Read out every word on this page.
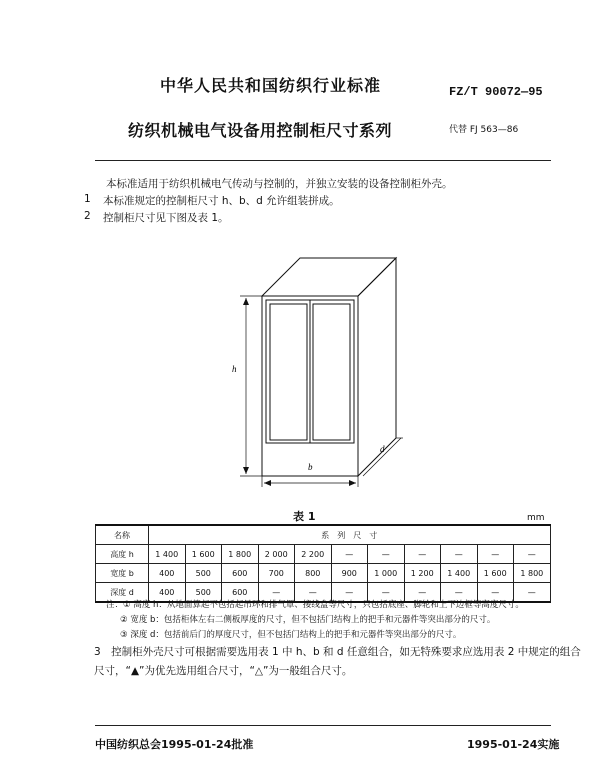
中华人民共和国纺织行业标准	FZ/T 90072—95
纺织机械电气设备用控制柜尺寸系列	代替 FJ 563—86
本标准适用于纺织机械电气传动与控制的，并独立安装的设备控制柜外壳。
1 本标准规定的控制柜尺寸 h、b、d 允许组装拼成。
2 控制柜尺寸见下图及表 1。
h
b
d
表 1	mm
名称	系　列　尺　寸										
高度 h	1 400	1 600	1 800	2 000	2 200	—	—	—	—	—	—
宽度 b	400	500	600	700	800	900	1 000	1 200	1 400	1 600	1 800
深度 d	400	500	600	—	—	—	—	—	—	—	—
注：① 高度 h：从地面算起不包括起吊环和排气罩、接线盒等尺寸，只包括底座、脚轮和上下边框等高度尺寸。
② 宽度 b：包括柜体左右二侧板厚度的尺寸，但不包括门结构上的把手和元器件等突出部分的尺寸。
③ 深度 d：包括前后门的厚度尺寸，但不包括门结构上的把手和元器件等突出部分的尺寸。
3　控制柜外壳尺寸可根据需要选用表 1 中 h、b 和 d 任意组合，如无特殊要求应选用表 2 中规定的组合
尺寸，“▲”为优先选用组合尺寸，“△”为一般组合尺寸。
中国纺织总会1995-01-24批准	1995-01-24实施
